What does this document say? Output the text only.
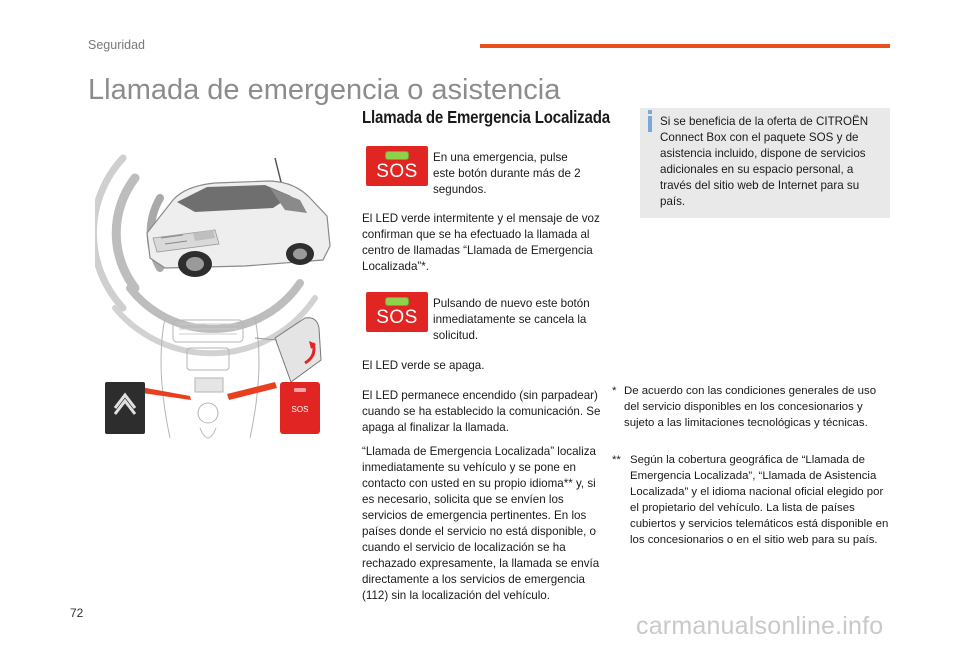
Seguridad
Llamada de emergencia o asistencia
SOS
Llamada de Emergencia Localizada
SOS

En una emergencia, pulse este botón durante más de 2 segundos.

El LED verde intermitente y el mensaje de voz confirman que se ha efectuado la llamada al centro de llamadas “Llamada de Emergencia Localizada”*.

SOS

Pulsando de nuevo este botón inmediatamente se cancela la solicitud.

El LED verde se apaga.

El LED permanece encendido (sin parpadear) cuando se ha establecido la comunicación. Se apaga al finalizar la llamada.

“Llamada de Emergencia Localizada” localiza inmediatamente su vehículo y se pone en contacto con usted en su propio idioma** y, si es necesario, solicita que se envíen los servicios de emergencia pertinentes. En los países donde el servicio no está disponible, o cuando el servicio de localización se ha rechazado expresamente, la llamada se envía directamente a los servicios de emergencia (112) sin la localización del vehículo.

Si se beneficia de la oferta de CITROËN Connect Box con el paquete SOS y de asistencia incluido, dispone de servicios adicionales en su espacio personal, a través del sitio web de Internet para su país.
* De acuerdo con las condiciones generales de uso del servicio disponibles en los concesionarios y sujeto a las limitaciones tecnológicas y técnicas.
** Según la cobertura geográfica de “Llamada de Emergencia Localizada”, “Llamada de Asistencia Localizada” y el idioma nacional oficial elegido por el propietario del vehículo. La lista de países cubiertos y servicios telemáticos está disponible en los concesionarios o en el sitio web para su país.
72	carmanualsonline.info
